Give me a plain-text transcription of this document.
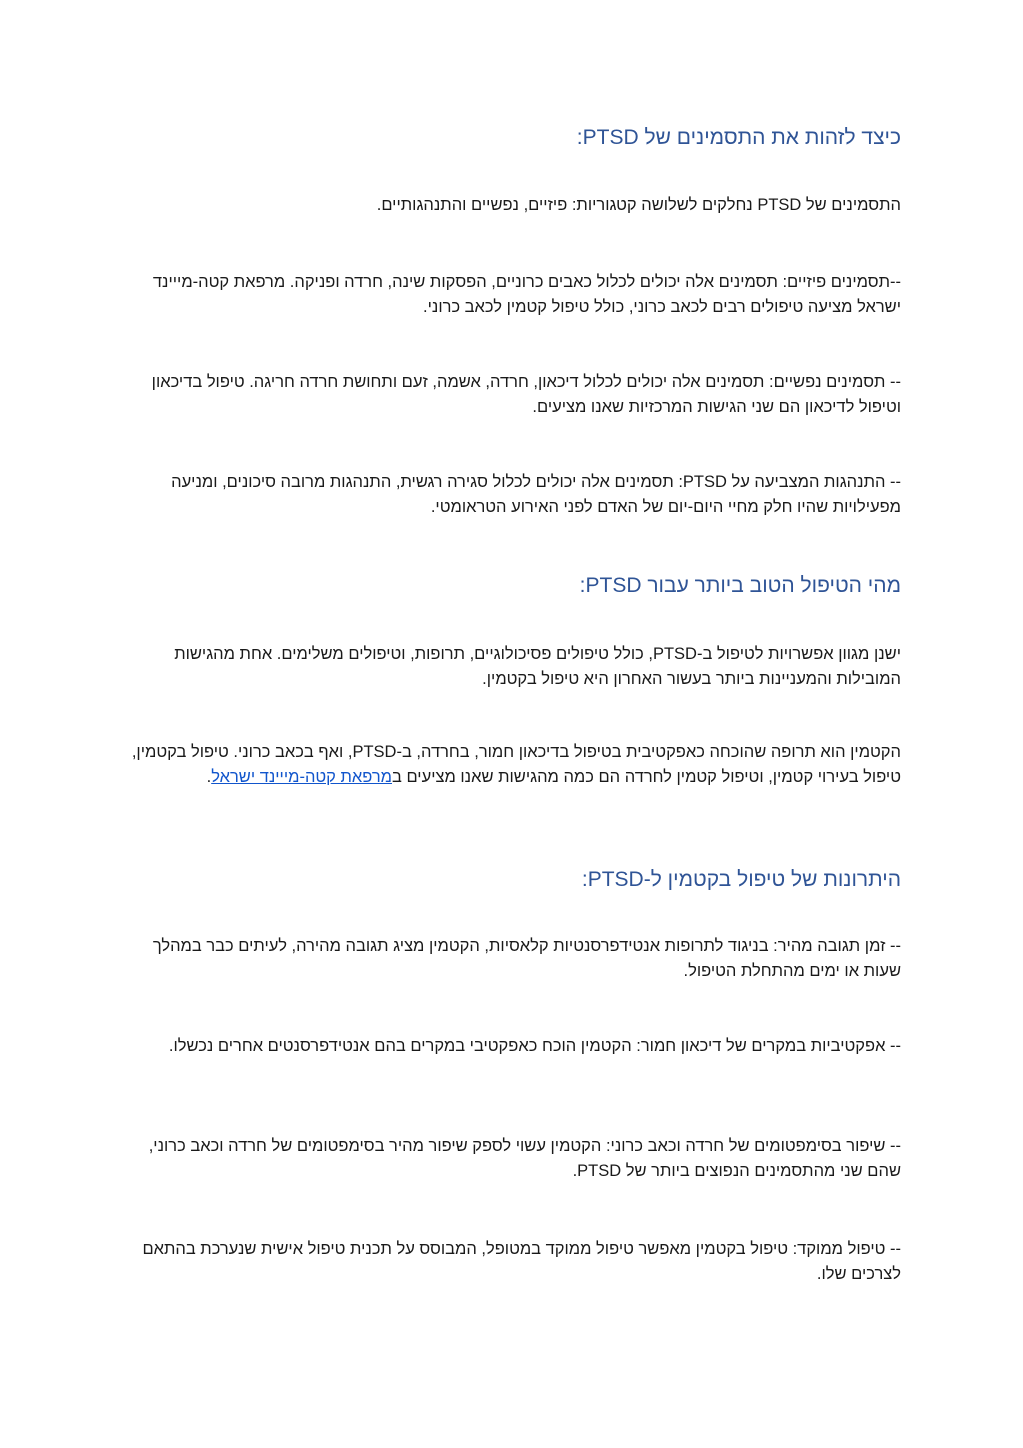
כיצד לזהות את התסמינים של PTSD:

התסמינים של PTSD נחלקים לשלושה קטגוריות: פיזיים, נפשיים והתנהגותיים.

--תסמינים פיזיים: תסמינים אלה יכולים לכלול כאבים כרוניים, הפסקות שינה, חרדה ופניקה. מרפאת קטה-מייינד ישראל מציעה טיפולים רבים לכאב כרוני, כולל טיפול קטמין לכאב כרוני.

-- תסמינים נפשיים: תסמינים אלה יכולים לכלול דיכאון, חרדה, אשמה, זעם ותחושת חרדה חריגה. טיפול בדיכאון וטיפול לדיכאון הם שני הגישות המרכזיות שאנו מציעים.

-- התנהגות המצביעה על PTSD: תסמינים אלה יכולים לכלול סגירה רגשית, התנהגות מרובה סיכונים, ומניעה מפעילויות שהיו חלק מחיי היום-יום של האדם לפני האירוע הטראומטי.

מהי הטיפול הטוב ביותר עבור PTSD:

ישנן מגוון אפשרויות לטיפול ב-PTSD, כולל טיפולים פסיכולוגיים, תרופות, וטיפולים משלימים. אחת מהגישות המובילות והמעניינות ביותר בעשור האחרון היא טיפול בקטמין.

הקטמין הוא תרופה שהוכחה כאפקטיבית בטיפול בדיכאון חמור, בחרדה, ב-PTSD, ואף בכאב כרוני. טיפול בקטמין, טיפול בעירוי קטמין, וטיפול קטמין לחרדה הם כמה מהגישות שאנו מציעים במרפאת קטה-מייינד ישראל.

היתרונות של טיפול בקטמין ל-PTSD:

-- זמן תגובה מהיר: בניגוד לתרופות אנטידפרסנטיות קלאסיות, הקטמין מציג תגובה מהירה, לעיתים כבר במהלך שעות או ימים מהתחלת הטיפול.

-- אפקטיביות במקרים של דיכאון חמור: הקטמין הוכח כאפקטיבי במקרים בהם אנטידפרסנטים אחרים נכשלו.

-- שיפור בסימפטומים של חרדה וכאב כרוני: הקטמין עשוי לספק שיפור מהיר בסימפטומים של חרדה וכאב כרוני, שהם שני מהתסמינים הנפוצים ביותר של PTSD.

-- טיפול ממוקד: טיפול בקטמין מאפשר טיפול ממוקד במטופל, המבוסס על תכנית טיפול אישית שנערכת בהתאם לצרכים שלו.
